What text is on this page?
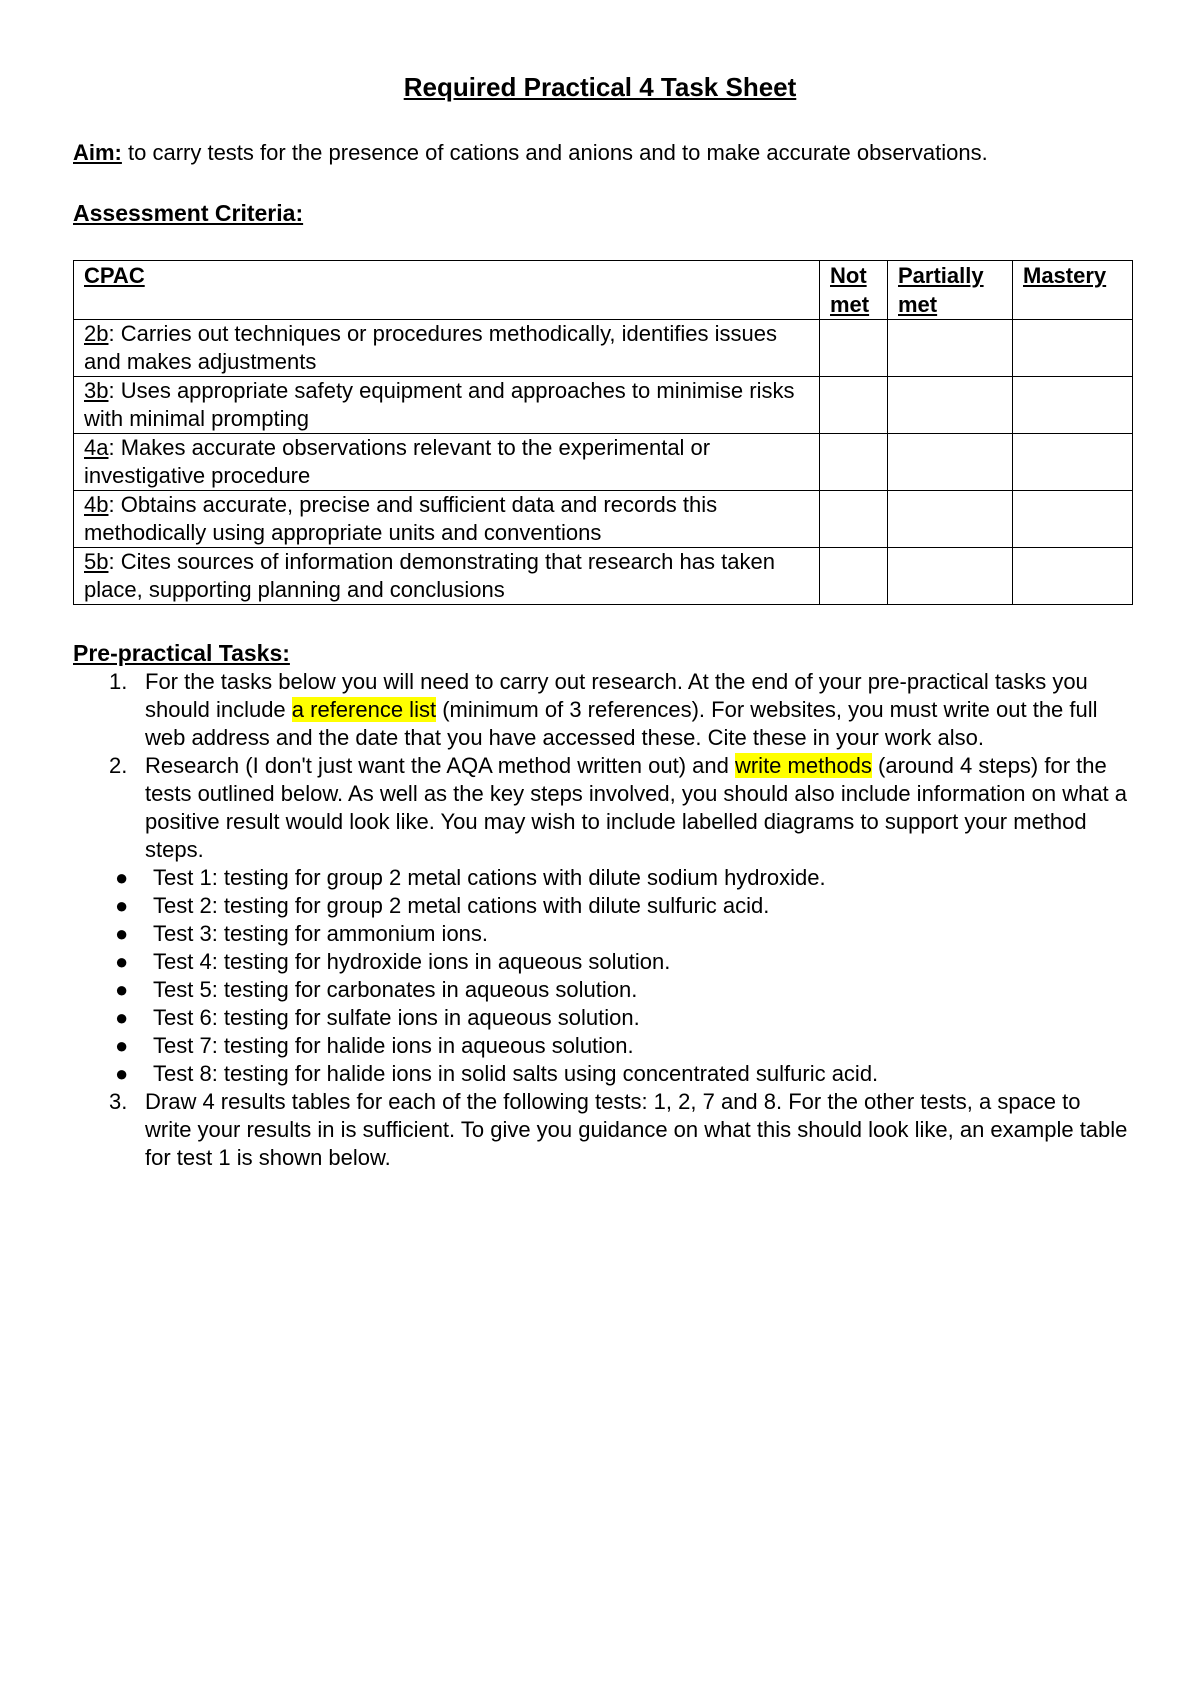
Required Practical 4 Task Sheet
Aim: to carry tests for the presence of cations and anions and to make accurate observations.
Assessment Criteria:
CPAC	Not met	Partially met	Mastery
2b: Carries out techniques or procedures methodically, identifies issues and makes adjustments			
3b: Uses appropriate safety equipment and approaches to minimise risks with minimal prompting			
4a: Makes accurate observations relevant to the experimental or investigative procedure			
4b: Obtains accurate, precise and sufficient data and records this methodically using appropriate units and conventions			
5b: Cites sources of information demonstrating that research has taken place, supporting planning and conclusions			
Pre-practical Tasks:
1. For the tasks below you will need to carry out research. At the end of your pre-practical tasks you should include a reference list (minimum of 3 references). For websites, you must write out the full web address and the date that you have accessed these. Cite these in your work also.
2. Research (I don't just want the AQA method written out) and write methods (around 4 steps) for the tests outlined below. As well as the key steps involved, you should also include information on what a positive result would look like. You may wish to include labelled diagrams to support your method steps.
● Test 1: testing for group 2 metal cations with dilute sodium hydroxide.
● Test 2: testing for group 2 metal cations with dilute sulfuric acid.
● Test 3: testing for ammonium ions.
● Test 4: testing for hydroxide ions in aqueous solution.
● Test 5: testing for carbonates in aqueous solution.
● Test 6: testing for sulfate ions in aqueous solution.
● Test 7: testing for halide ions in aqueous solution.
● Test 8: testing for halide ions in solid salts using concentrated sulfuric acid.
3. Draw 4 results tables for each of the following tests: 1, 2, 7 and 8. For the other tests, a space to write your results in is sufficient. To give you guidance on what this should look like, an example table for test 1 is shown below.
